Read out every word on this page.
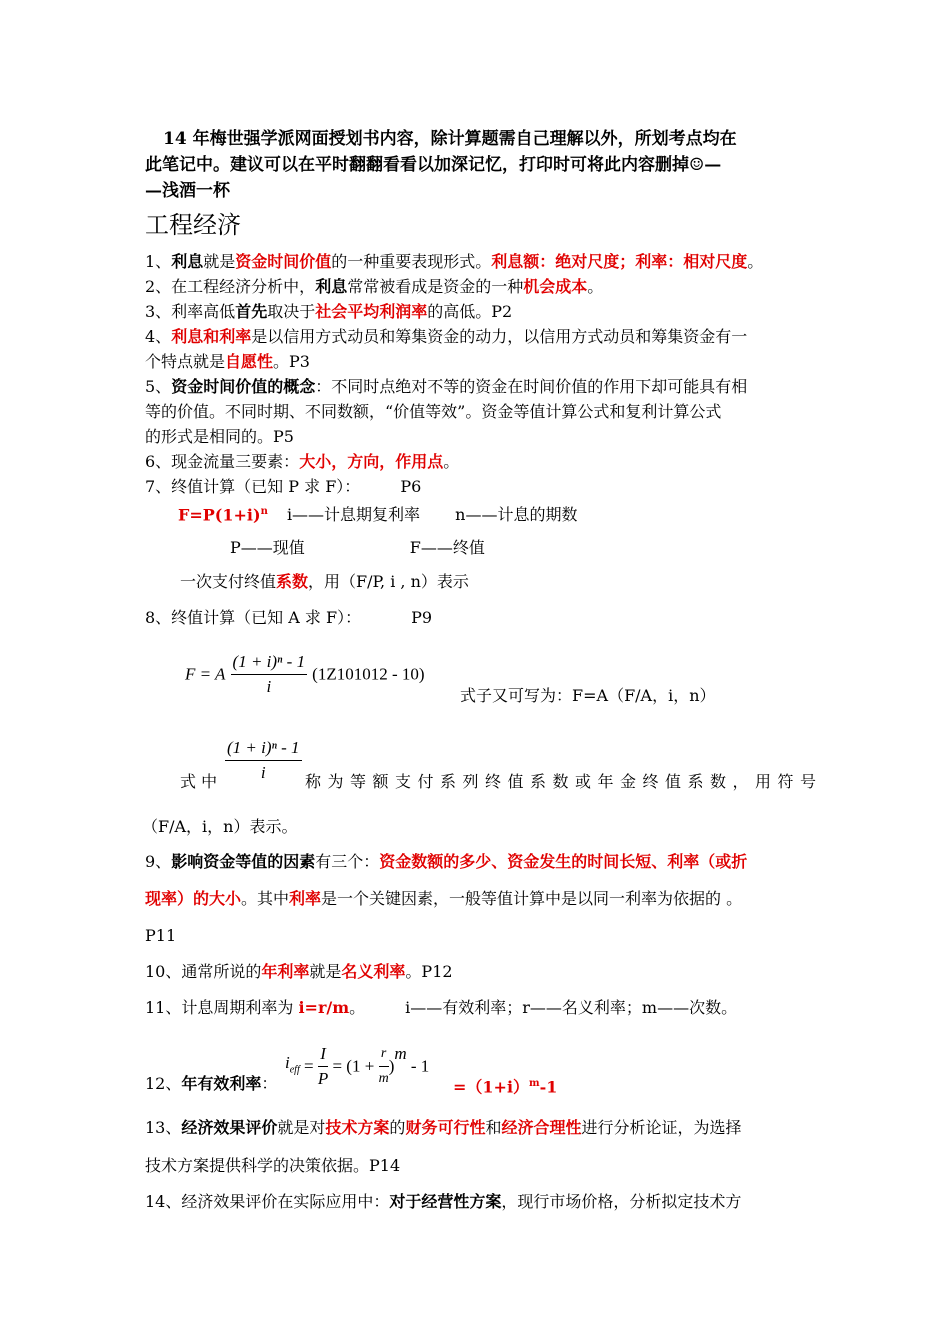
14 年梅世强学派网面授划书内容，除计算题需自己理解以外，所划考点均在
此笔记中。建议可以在平时翻翻看看以加深记忆，打印时可将此内容删掉☺—
—浅酒一杯
工程经济
1、利息就是资金时间价值的一种重要表现形式。利息额：绝对尺度；利率：相对尺度。
2、在工程经济分析中，利息常常被看成是资金的一种机会成本。
3、利率高低首先取决于社会平均利润率的高低。P2
4、利息和利率是以信用方式动员和筹集资金的动力，以信用方式动员和筹集资金有一
个特点就是自愿性。P3
5、资金时间价值的概念：不同时点绝对不等的资金在时间价值的作用下却可能具有相
等的价值。不同时期、不同数额，“价值等效”。资金等值计算公式和复利计算公式
的形式是相同的。P5
6、现金流量三要素：大小，方向，作用点。
7、终值计算（已知 P 求 F）：	P6
$F=P(1+i)^n$ i——计息期复利率 n——计息的期数
P——现值	F——终值
一次支付终值系数，用（F/P, i , n）表示
8、终值计算（已知 A 求 F）：	P9
F = A $\frac{\text{(1 + i)ⁿ - 1}}{i} (1Z101012 - 10)$
式子又可写为：F=A（F/A，i，n）
$\frac{\text{(1 + i)ⁿ - 1}}{i}$
式 中	称为等额支付系列终值系数或年金终值系数，用符号
（F/A，i，n）表示。
9、影响资金等值的因素有三个：资金数额的多少、资金发生的时间长短、利率（或折
现率）的大小。其中利率是一个关键因素，一般等值计算中是以同一利率为依据的 。
P11
10、通常所说的年利率就是名义利率。P12
11、计息周期利率为 i=r/m。	i——有效利率；r——名义利率；m——次数。
12、年有效利率：
$i_{eff} = \frac{I}{P} = (1 + \frac{r}{m} )^m - 1$
$=(1+i)^m-1$
13、经济效果评价就是对技术方案的财务可行性和经济合理性进行分析论证，为选择
技术方案提供科学的决策依据。P14
14、经济效果评价在实际应用中：对于经营性方案，现行市场价格，分析拟定技术方
